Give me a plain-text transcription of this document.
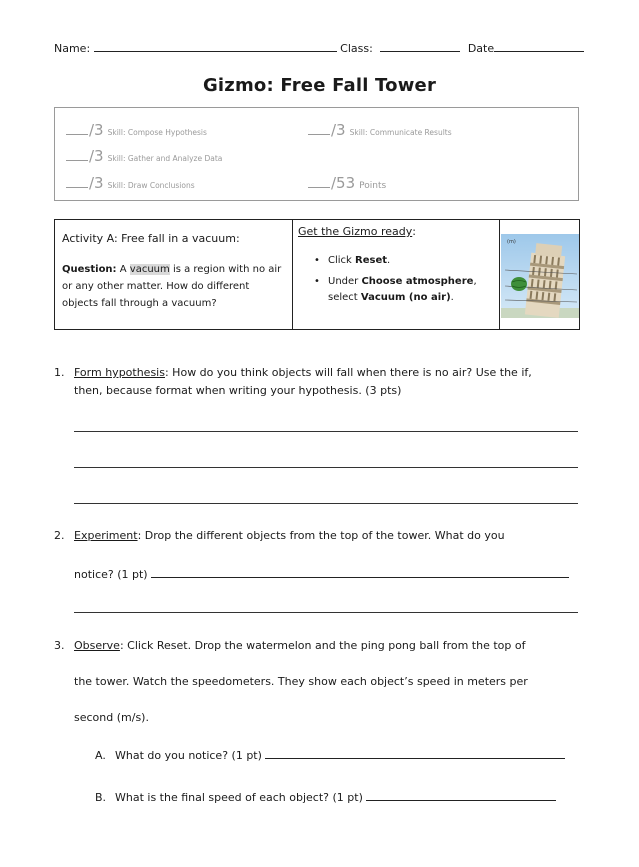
Name:	Class:	Date
Gizmo: Free Fall Tower
/3 Skill: Compose Hypothesis	/3 Skill: Communicate Results
/3 Skill: Gather and Analyze Data
/3 Skill: Draw Conclusions	/53 Points
Activity A: Free fall in a vacuum:
Question: A vacuum is a region with no air or any other matter. How do different objects fall through a vacuum?
Get the Gizmo ready:
• Click Reset.
• Under Choose atmosphere, select Vacuum (no air).
(m)
1. Form hypothesis: How do you think objects will fall when there is no air? Use the if,
then, because format when writing your hypothesis. (3 pts)
2. Experiment: Drop the different objects from the top of the tower. What do you
notice? (1 pt)
3. Observe: Click Reset. Drop the watermelon and the ping pong ball from the top of
the tower. Watch the speedometers. They show each object’s speed in meters per
second (m/s).
A. What do you notice? (1 pt)
B. What is the final speed of each object? (1 pt)
